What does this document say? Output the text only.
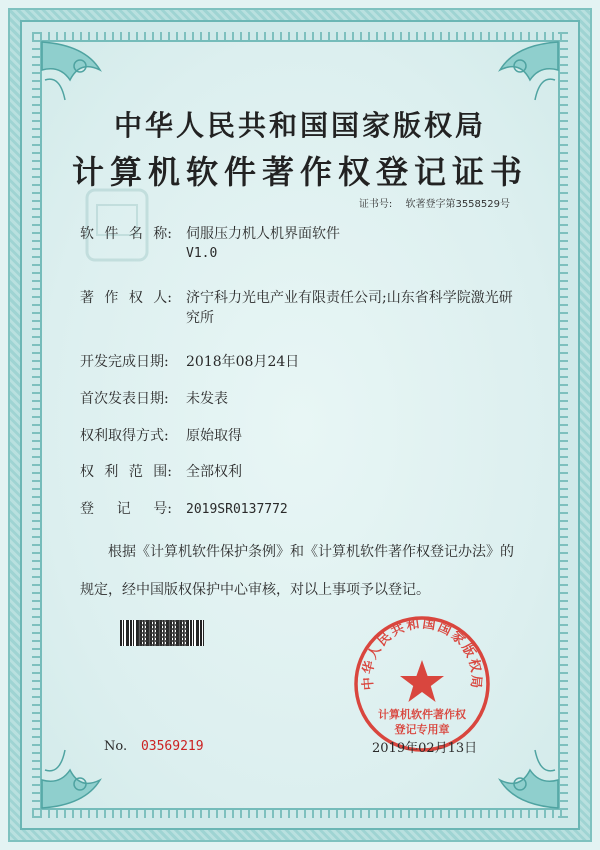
中华人民共和国国家版权局
计算机软件著作权登记证书
证书号: 软著登字第3558529号
软 件 名 称: 伺服压力机人机界面软件
V1.0
著 作 权 人: 济宁科力光电产业有限责任公司;山东省科学院激光研
究所
开发完成日期:	2018年08月24日
首次发表日期:	未发表
权利取得方式:	原始取得
权 利 范 围: 全部权利
登 记 号: 2019SR0137772
根据《计算机软件保护条例》和《计算机软件著作权登记办法》的
规定，经中国版权保护中心审核，对以上事项予以登记。
中华人民共和国国家版权局
计算机软件著作权
登记专用章
No. 03569219	2019年02月13日
